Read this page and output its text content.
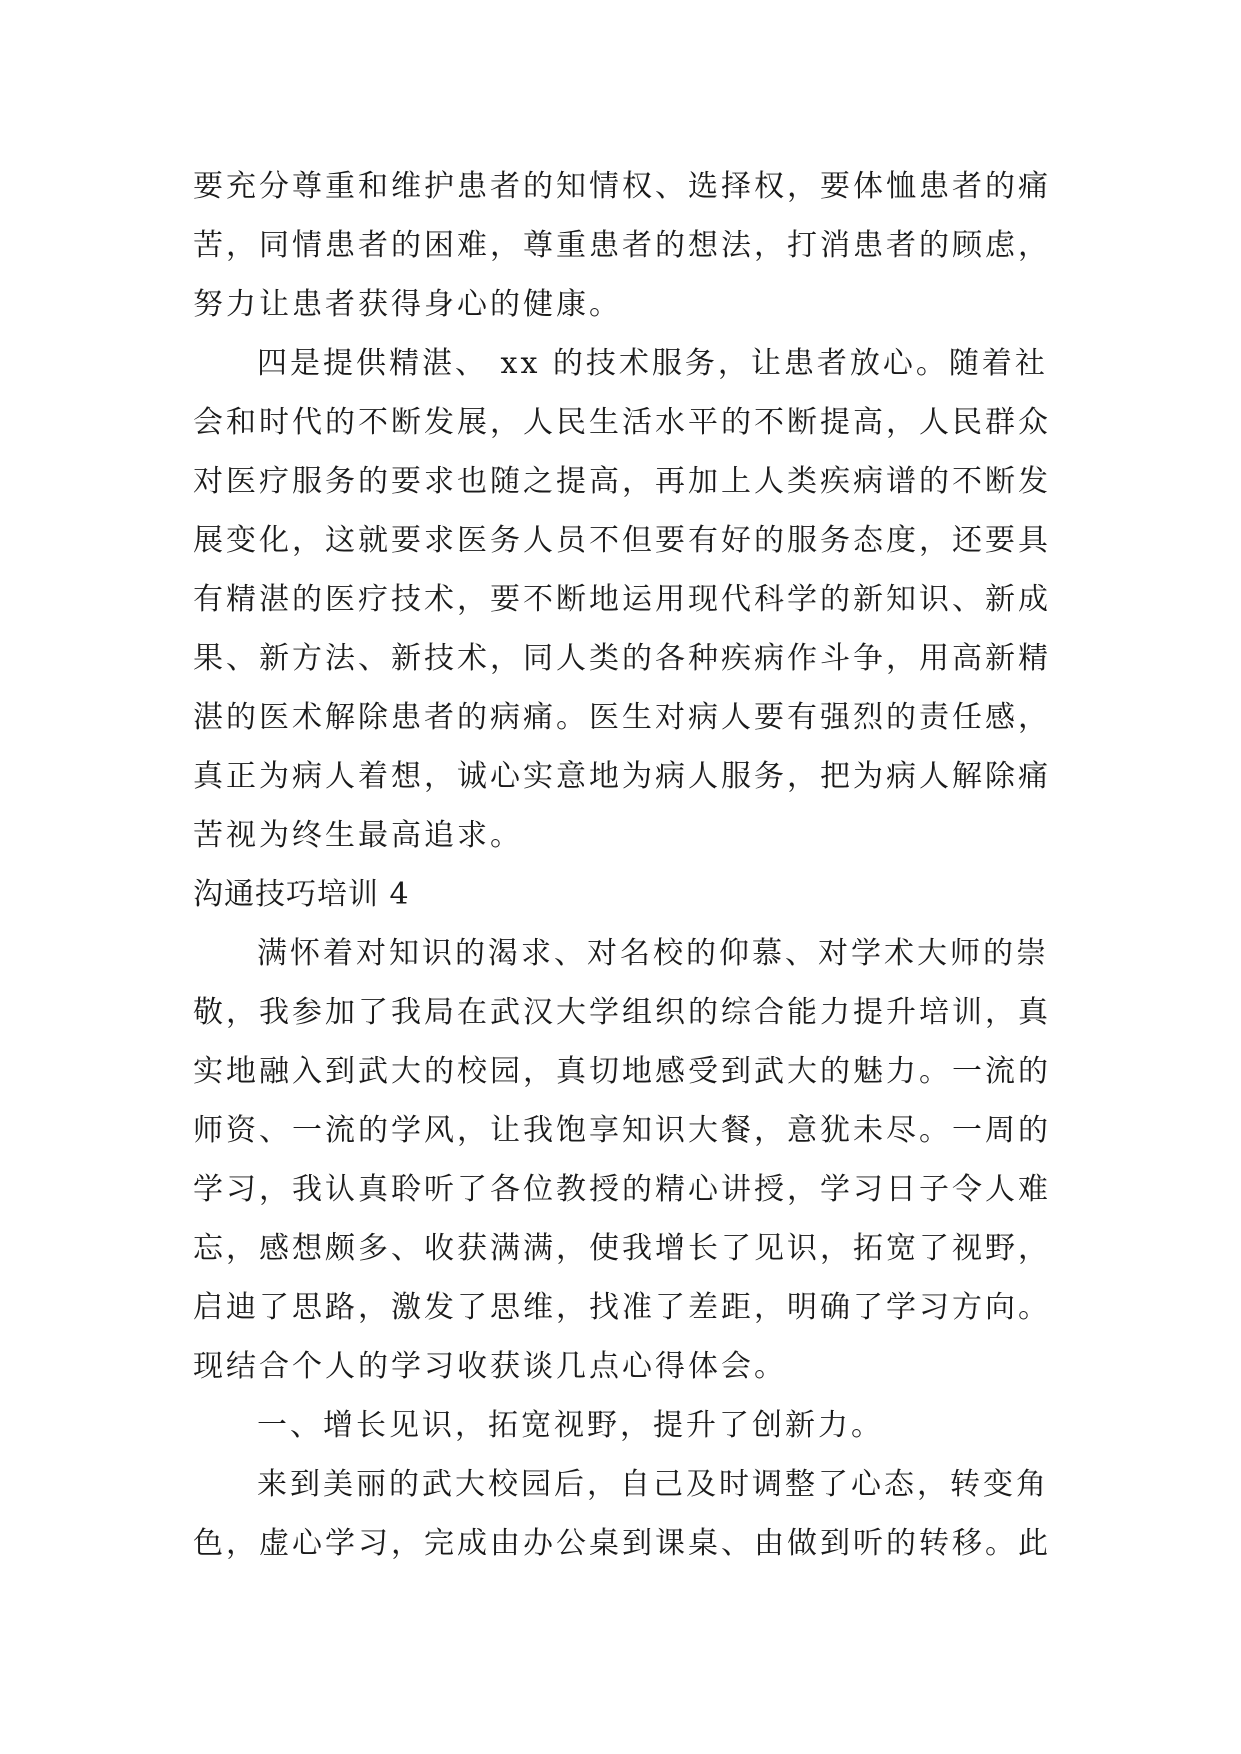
要充分尊重和维护患者的知情权、选择权，要体恤患者的痛
苦，同情患者的困难，尊重患者的想法，打消患者的顾虑，
努力让患者获得身心的健康。
四是提供精湛、 xx 的技术服务，让患者放心。随着社
会和时代的不断发展，人民生活水平的不断提高，人民群众
对医疗服务的要求也随之提高，再加上人类疾病谱的不断发
展变化，这就要求医务人员不但要有好的服务态度，还要具
有精湛的医疗技术，要不断地运用现代科学的新知识、新成
果、新方法、新技术，同人类的各种疾病作斗争，用高新精
湛的医术解除患者的病痛。医生对病人要有强烈的责任感，
真正为病人着想，诚心实意地为病人服务，把为病人解除痛
苦视为终生最高追求。
沟通技巧培训 4
满怀着对知识的渴求、对名校的仰慕、对学术大师的崇
敬，我参加了我局在武汉大学组织的综合能力提升培训，真
实地融入到武大的校园，真切地感受到武大的魅力。一流的
师资、一流的学风，让我饱享知识大餐，意犹未尽。一周的
学习，我认真聆听了各位教授的精心讲授，学习日子令人难
忘，感想颇多、收获满满，使我增长了见识，拓宽了视野，
启迪了思路，激发了思维，找准了差距，明确了学习方向。
现结合个人的学习收获谈几点心得体会。
一、增长见识，拓宽视野，提升了创新力。
来到美丽的武大校园后，自己及时调整了心态，转变角
色，虚心学习，完成由办公桌到课桌、由做到听的转移。此
